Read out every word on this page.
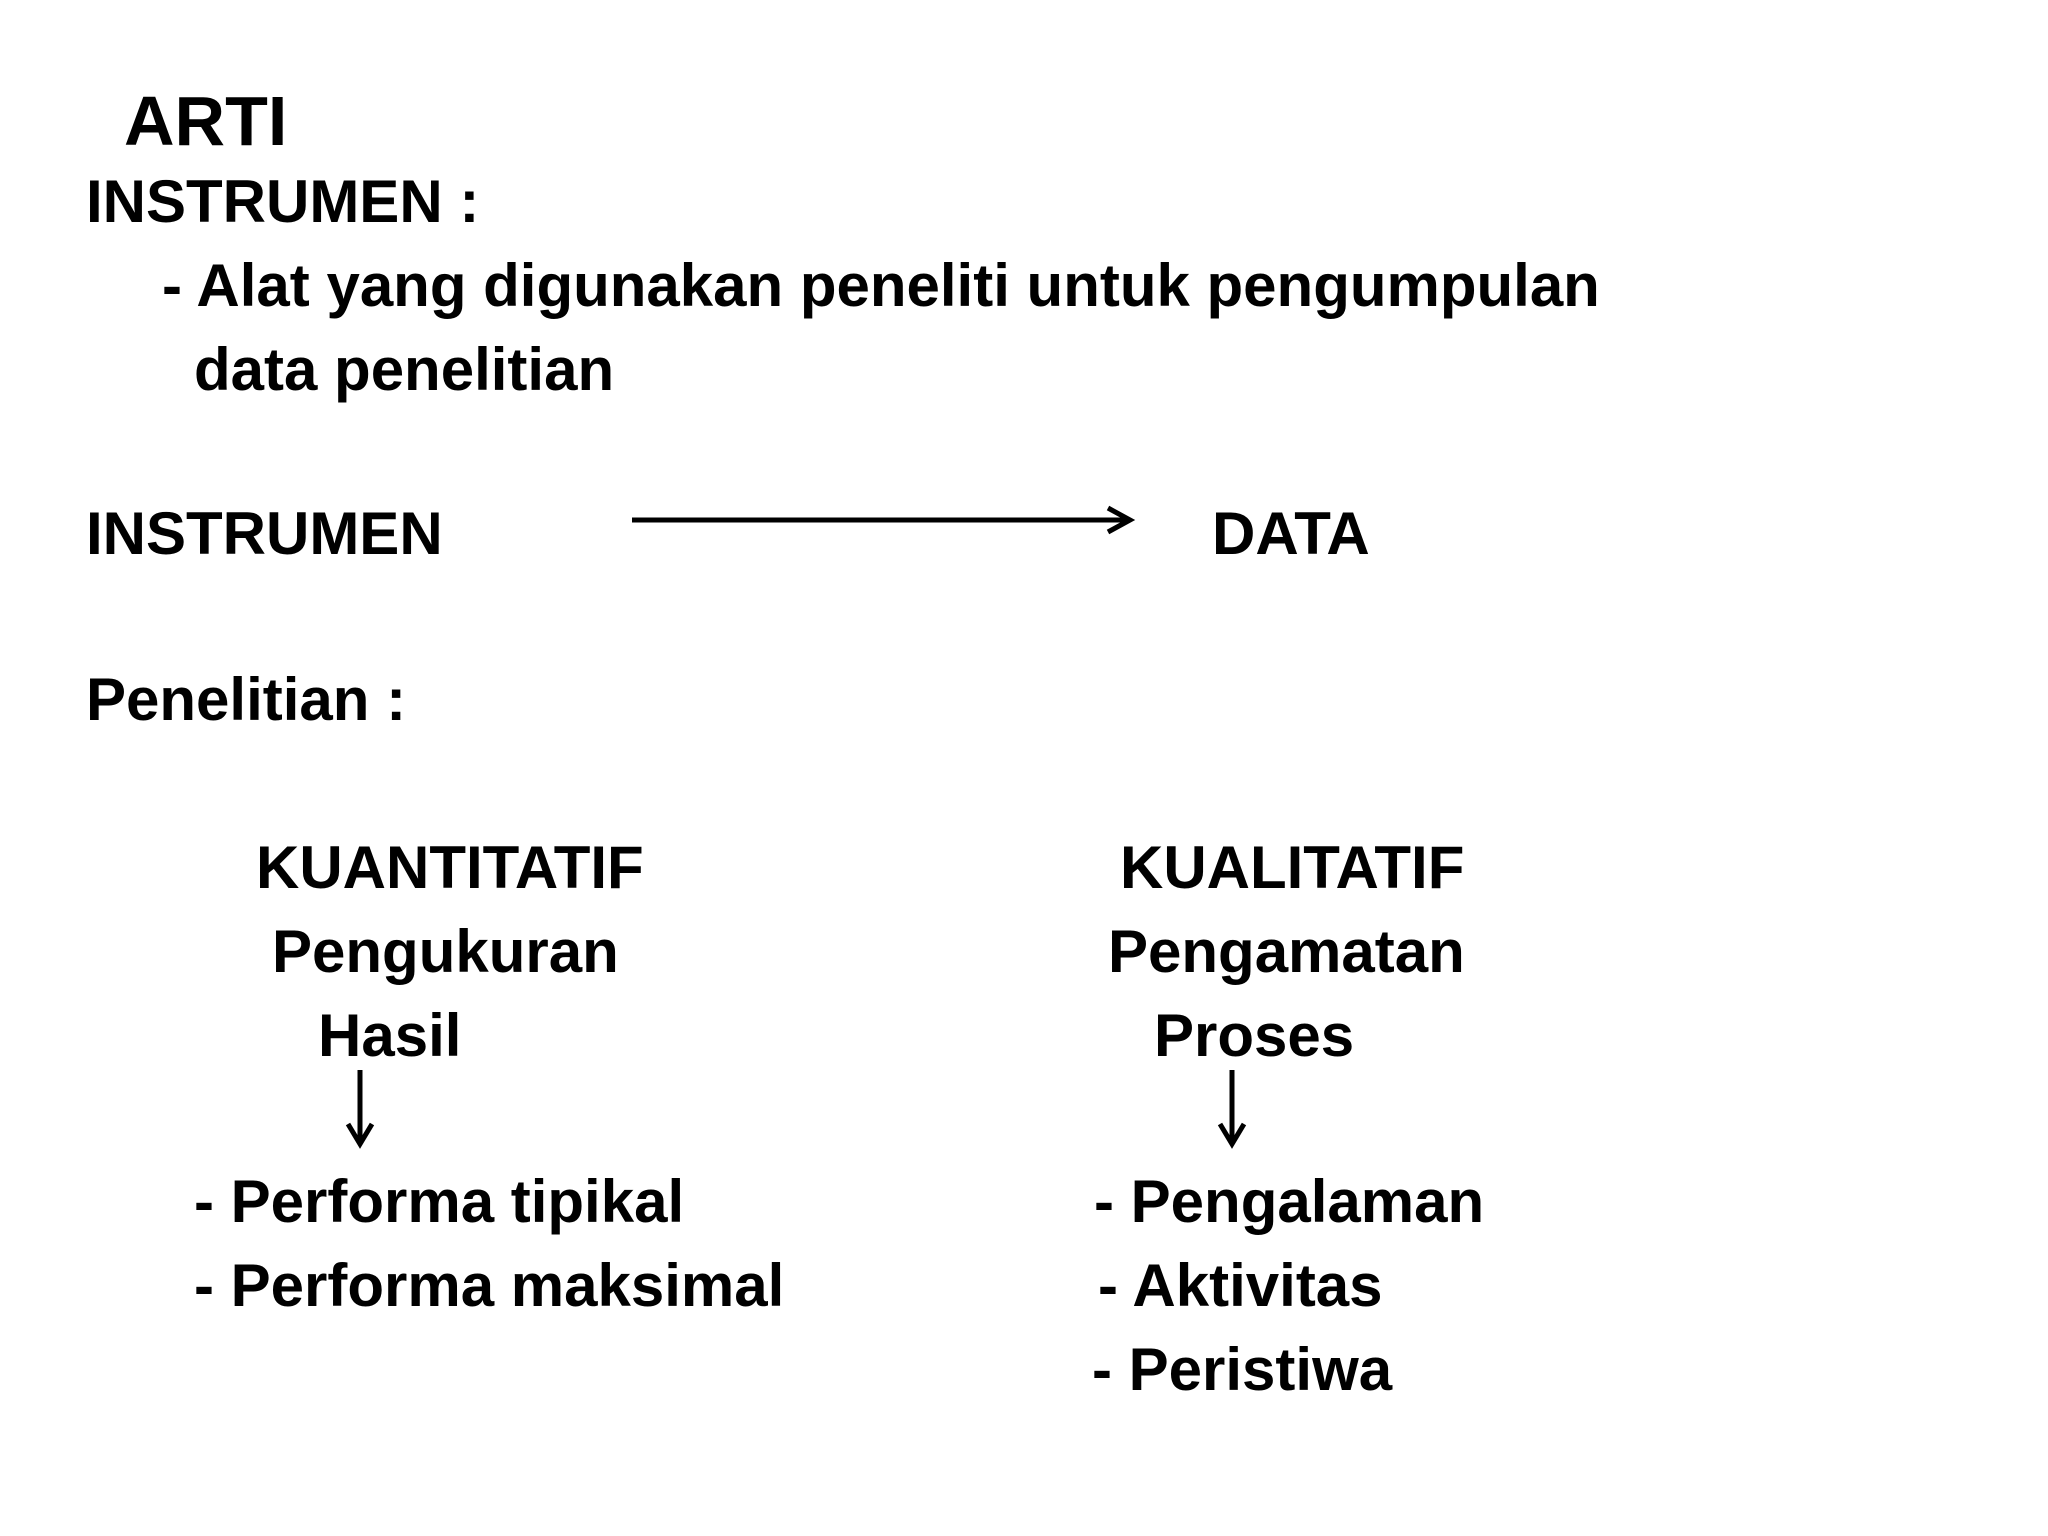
ARTI
INSTRUMEN :
- Alat yang digunakan peneliti untuk pengumpulan
data penelitian
INSTRUMEN	DATA
Penelitian :
KUANTITATIF
Pengukuran
Hasil
- Performa tipikal
- Performa maksimal
KUALITATIF
Pengamatan
Proses
- Pengalaman
- Aktivitas
- Peristiwa
